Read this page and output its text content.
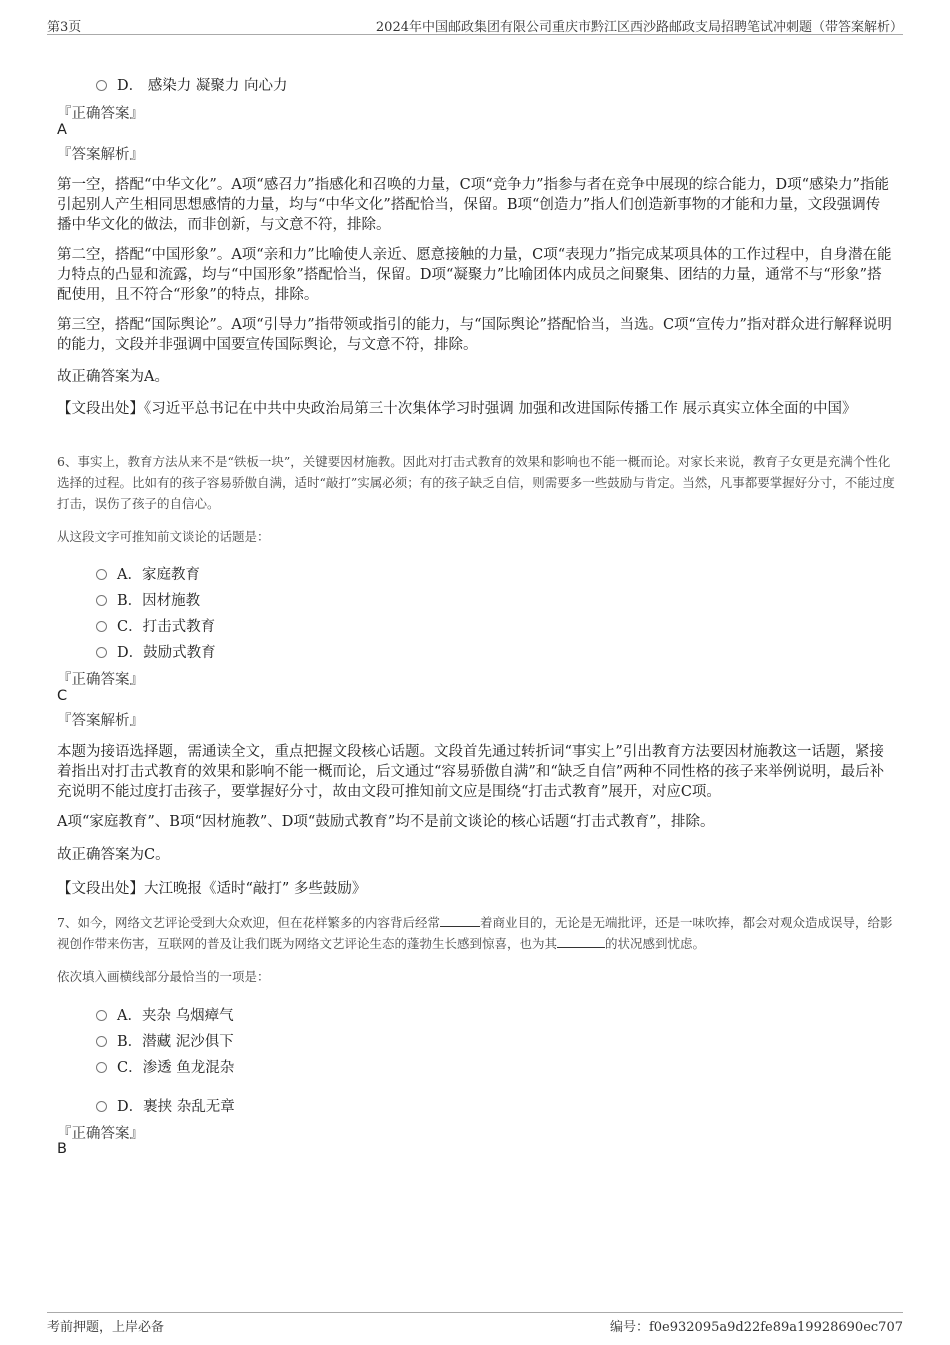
第3页	2024年中国邮政集团有限公司重庆市黔江区西沙路邮政支局招聘笔试冲刺题（带答案解析）
D． 感染力 凝聚力 向心力
『正确答案』
A
『答案解析』
第一空，搭配“中华文化”。A项“感召力”指感化和召唤的力量，C项“竞争力”指参与者在竞争中展现的综合能力，D项“感染力”指能引起别人产生相同思想感情的力量，均与“中华文化”搭配恰当，保留。B项“创造力”指人们创造新事物的才能和力量，文段强调传播中华文化的做法，而非创新，与文意不符，排除。
第二空，搭配“中国形象”。A项“亲和力”比喻使人亲近、愿意接触的力量，C项“表现力”指完成某项具体的工作过程中，自身潜在能力特点的凸显和流露，均与“中国形象”搭配恰当，保留。D项“凝聚力”比喻团体内成员之间聚集、团结的力量，通常不与“形象”搭配使用，且不符合“形象”的特点，排除。
第三空，搭配“国际舆论”。A项“引导力”指带领或指引的能力，与“国际舆论”搭配恰当，当选。C项“宣传力”指对群众进行解释说明的能力，文段并非强调中国要宣传国际舆论，与文意不符，排除。
故正确答案为A。
【文段出处】《习近平总书记在中共中央政治局第三十次集体学习时强调 加强和改进国际传播工作 展示真实立体全面的中国》
6、事实上，教育方法从来不是“铁板一块”，关键要因材施教。因此对打击式教育的效果和影响也不能一概而论。对家长来说，教育子女更是充满个性化选择的过程。比如有的孩子容易骄傲自满，适时“敲打”实属必须；有的孩子缺乏自信，则需要多一些鼓励与肯定。当然，凡事都要掌握好分寸，不能过度打击，误伤了孩子的自信心。
从这段文字可推知前文谈论的话题是：
A．家庭教育
B．因材施教
C．打击式教育
D．鼓励式教育
『正确答案』
C
『答案解析』
本题为接语选择题，需通读全文，重点把握文段核心话题。文段首先通过转折词“事实上”引出教育方法要因材施教这一话题，紧接着指出对打击式教育的效果和影响不能一概而论，后文通过“容易骄傲自满”和“缺乏自信”两种不同性格的孩子来举例说明，最后补充说明不能过度打击孩子，要掌握好分寸，故由文段可推知前文应是围绕“打击式教育”展开，对应C项。
A项“家庭教育”、B项“因材施教”、D项“鼓励式教育”均不是前文谈论的核心话题“打击式教育”，排除。
故正确答案为C。
【文段出处】大江晚报《适时“敲打” 多些鼓励》
7、如今，网络文艺评论受到大众欢迎，但在花样繁多的内容背后经常	着商业目的，无论是无端批评，还是一味吹捧，都会对观众造成误导，给影视创作带来伤害，互联网的普及让我们既为网络文艺评论生态的蓬勃生长感到惊喜，也为其	的状况感到忧虑。
依次填入画横线部分最恰当的一项是：
A．夹杂 乌烟瘴气
B．潜藏 泥沙俱下
C．渗透 鱼龙混杂
D．裹挟 杂乱无章
『正确答案』
B
考前押题，上岸必备	编号：f0e932095a9d22fe89a19928690ec707
